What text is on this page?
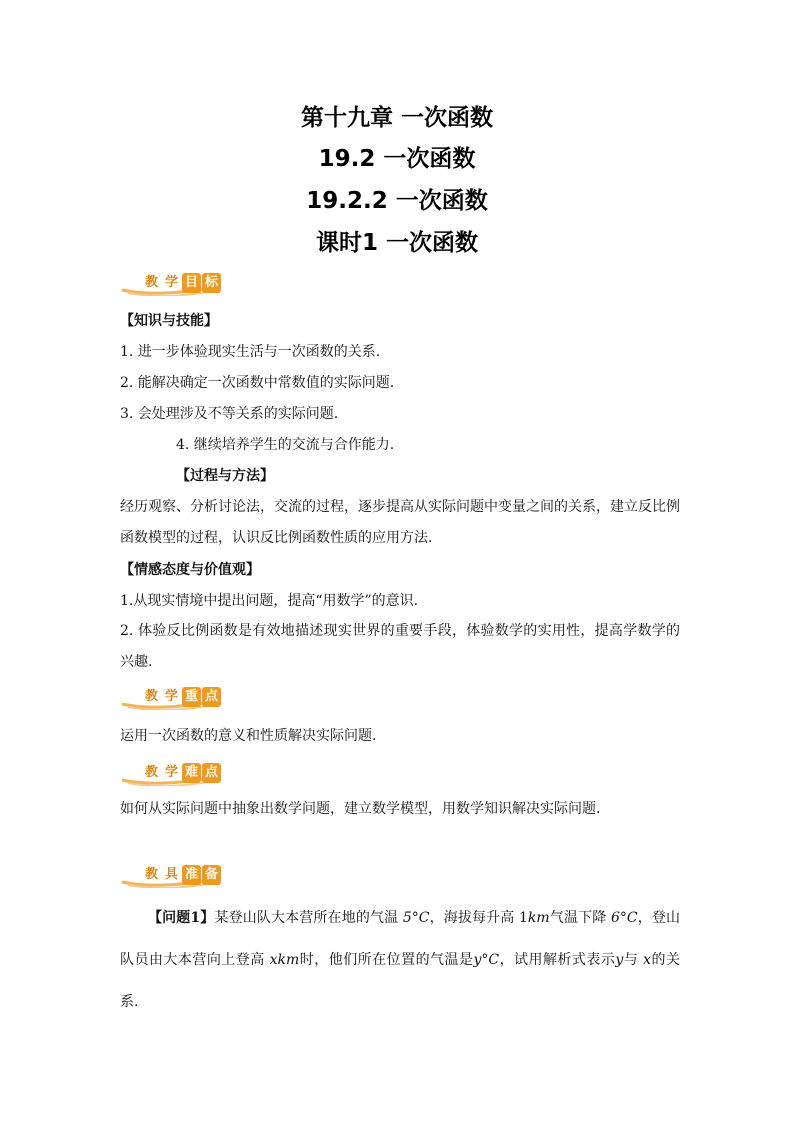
第十九章 一次函数
19.2 一次函数
19.2.2 一次函数
课时1 一次函数
教 学 目 标
【知识与技能】
1. 进一步体验现实生活与一次函数的关系.
2. 能解决确定一次函数中常数值的实际问题.
3. 会处理涉及不等关系的实际问题.
4. 继续培养学生的交流与合作能力.
【过程与方法】
经历观察、分析讨论法，交流的过程，逐步提高从实际问题中变量之间的关系，建立反比例函数模型的过程，认识反比例函数性质的应用方法.
【情感态度与价值观】
1.从现实情境中提出问题，提高“用数学”的意识.
2. 体验反比例函数是有效地描述现实世界的重要手段，体验数学的实用性，提高学数学的兴趣.
教 学 重 点
运用一次函数的意义和性质解决实际问题.
教 学 难 点
如何从实际问题中抽象出数学问题，建立数学模型，用数学知识解决实际问题.
教 具 准 备
【问题1】某登山队大本营所在地的气温 5°C，海拔每升高 1km气温下降 6°C，登山队员由大本营向上登高 xkm时，他们所在位置的气温是y°C，试用解析式表示y与 x的关系.
